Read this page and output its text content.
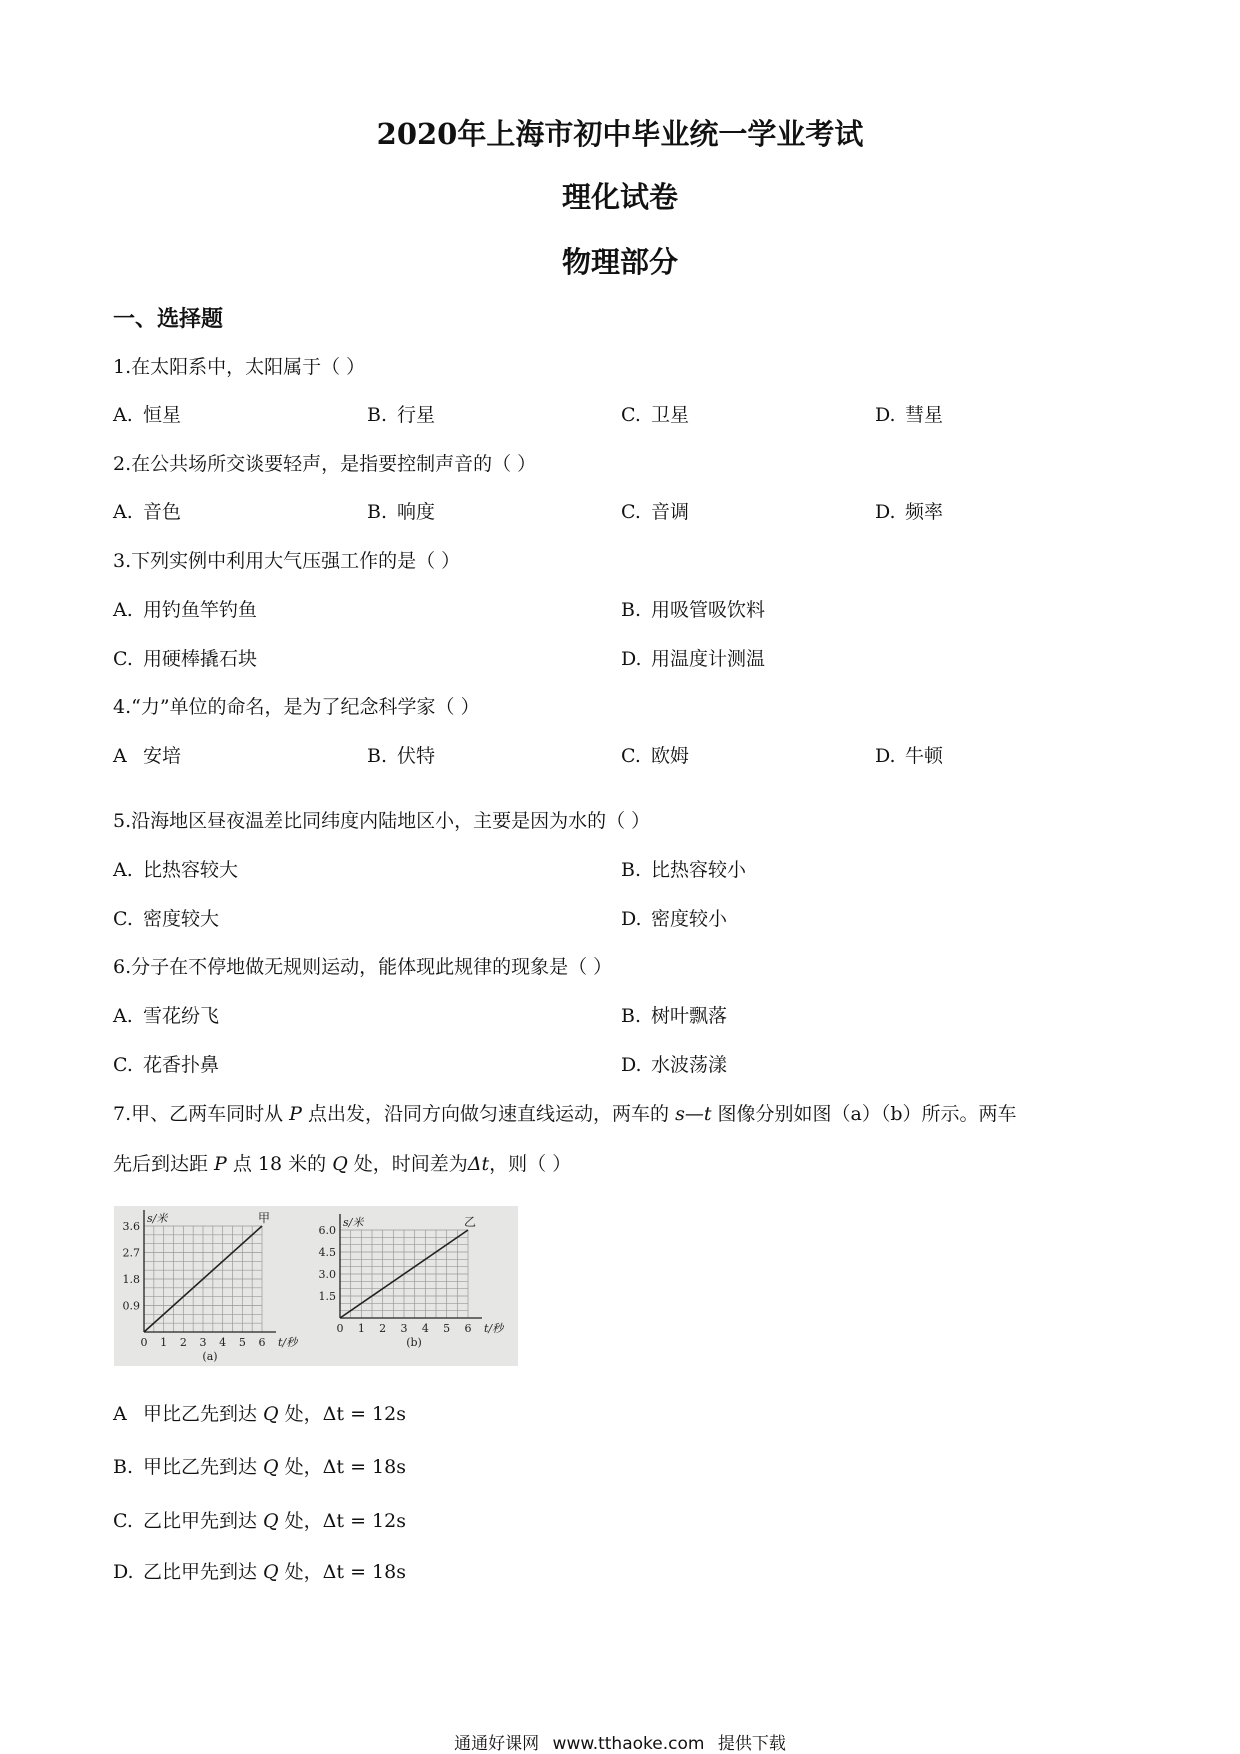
2020年上海市初中毕业统一学业考试
理化试卷
物理部分
一、选择题
1.在太阳系中，太阳属于（ ）
A. 恒星	B. 行星	C. 卫星	D. 彗星
2.在公共场所交谈要轻声，是指要控制声音的（ ）
A. 音色	B. 响度	C. 音调	D. 频率
3.下列实例中利用大气压强工作的是（ ）
A. 用钓鱼竿钓鱼	B. 用吸管吸饮料
C. 用硬棒撬石块	D. 用温度计测温
4.“力”单位的命名，是为了纪念科学家（ ）
A 安培	B. 伏特	C. 欧姆	D. 牛顿
5.沿海地区昼夜温差比同纬度内陆地区小，主要是因为水的（ ）
A. 比热容较大	B. 比热容较小
C. 密度较大	D. 密度较小
6.分子在不停地做无规则运动，能体现此规律的现象是（ ）
A. 雪花纷飞	B. 树叶飘落
C. 花香扑鼻	D. 水波荡漾
7.甲、乙两车同时从 P 点出发，沿同方向做匀速直线运动，两车的 s—t 图像分别如图（a）（b）所示。两车
先后到达距 P 点 18 米的 Q 处，时间差为Δt，则（ ）
3.6
2.7
1.8
0.9
0 1 2 3 4 5 6
s/米
t/秒
甲
(a)
6.0
4.5
3.0
1.5
0 1 2 3 4 5 6
s/米
t/秒
乙
(b)
A 甲比乙先到达 Q 处，Δt = 12s
B. 甲比乙先到达 Q 处，Δt = 18s
C. 乙比甲先到达 Q 处，Δt = 12s
D. 乙比甲先到达 Q 处，Δt = 18s
通通好课网 www.tthaoke.com 提供下载
